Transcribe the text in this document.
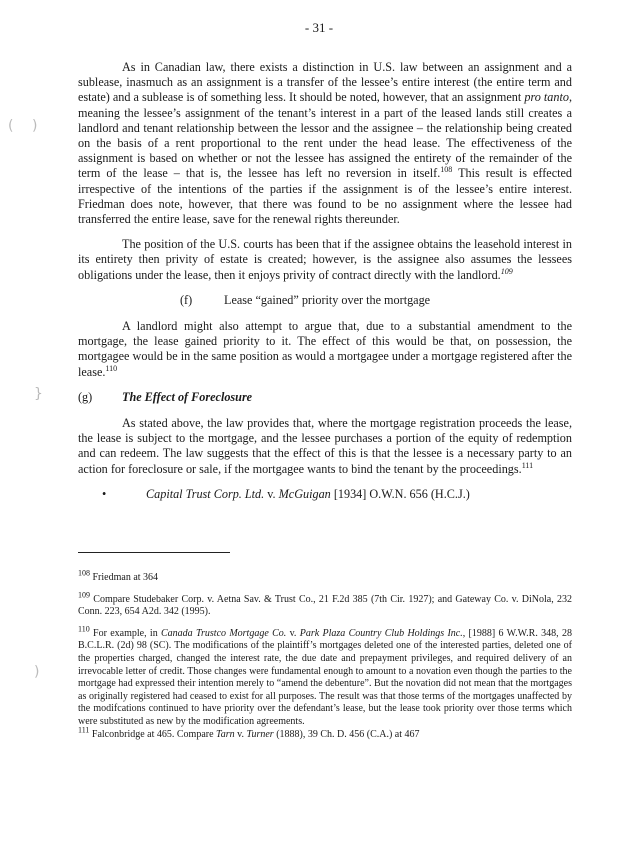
- 31 -

As in Canadian law, there exists a distinction in U.S. law between an assignment and a sublease, inasmuch as an assignment is a transfer of the lessee’s entire interest (the entire term and estate) and a sublease is of something less. It should be noted, however, that an assignment pro tanto, meaning the lessee’s assignment of the tenant’s interest in a part of the leased lands still creates a landlord and tenant relationship between the lessor and the assignee – the relationship being created on the basis of a rent proportional to the rent under the head lease. The effectiveness of the assignment is based on whether or not the lessee has assigned the entirety of the remainder of the term of the lease – that is, the lessee has left no reversion in itself.$^{108}$ This result is effected irrespective of the intentions of the parties if the assignment is of the lessee’s entire interest. Friedman does note, however, that there was found to be no assignment where the lessee had transferred the entire lease, save for the renewal rights thereunder.

The position of the U.S. courts has been that if the assignee obtains the leasehold interest in its entirety then privity of estate is created; however, is the assignee also assumes the lessees obligations under the lease, then it enjoys privity of contract directly with the landlord.$^{109}$

(f)	Lease “gained” priority over the mortgage

A landlord might also attempt to argue that, due to a substantial amendment to the mortgage, the lease gained priority to it. The effect of this would be that, on possession, the mortgagee would be in the same position as would a mortgagee under a mortgage registered after the lease.$^{110}$

(g) The Effect of Foreclosure

As stated above, the law provides that, where the mortgage registration proceeds the lease, the lease is subject to the mortgage, and the lessee purchases a portion of the equity of redemption and can redeem. The law suggests that the effect of this is that the lessee is a necessary party to an action for foreclosure or sale, if the mortgagee wants to bind the tenant by the proceedings.$^{111}$

•	Capital Trust Corp. Ltd. v. McGuigan [1934] O.W.N. 656 (H.C.J.)
$^{108}$ Friedman at 364
$^{109}$ Compare Studebaker Corp. v. Aetna Sav. & Trust Co., 21 F.2d 385 (7th Cir. 1927); and Gateway Co. v. DiNola, 232 Conn. 223, 654 A2d. 342 (1995).
$^{110}$ For example, in Canada Trustco Mortgage Co. v. Park Plaza Country Club Holdings Inc., [1988] 6 W.W.R. 348, 28 B.C.L.R. (2d) 98 (SC). The modifications of the plaintiff’s mortgages deleted one of the interested parties, deleted one of the properties charged, changed the interest rate, the due date and prepayment privileges, and required delivery of an irrevocable letter of credit. Those changes were fundamental enough to amount to a novation even though the parties to the mortgage had expressed their intention merely to “amend the debenture”. But the novation did not mean that the mortgages as originally registered had ceased to exist for all purposes. The result was that those terms of the mortgages unaffected by the modifcations continued to have priority over the defendant’s lease, but the lease took priority over those terms which were substituted as new by the modification agreements.
$^{111}$ Falconbridge at 465. Compare Tarn v. Turner (1888), 39 Ch. D. 456 (C.A.) at 467
( )
}
)
